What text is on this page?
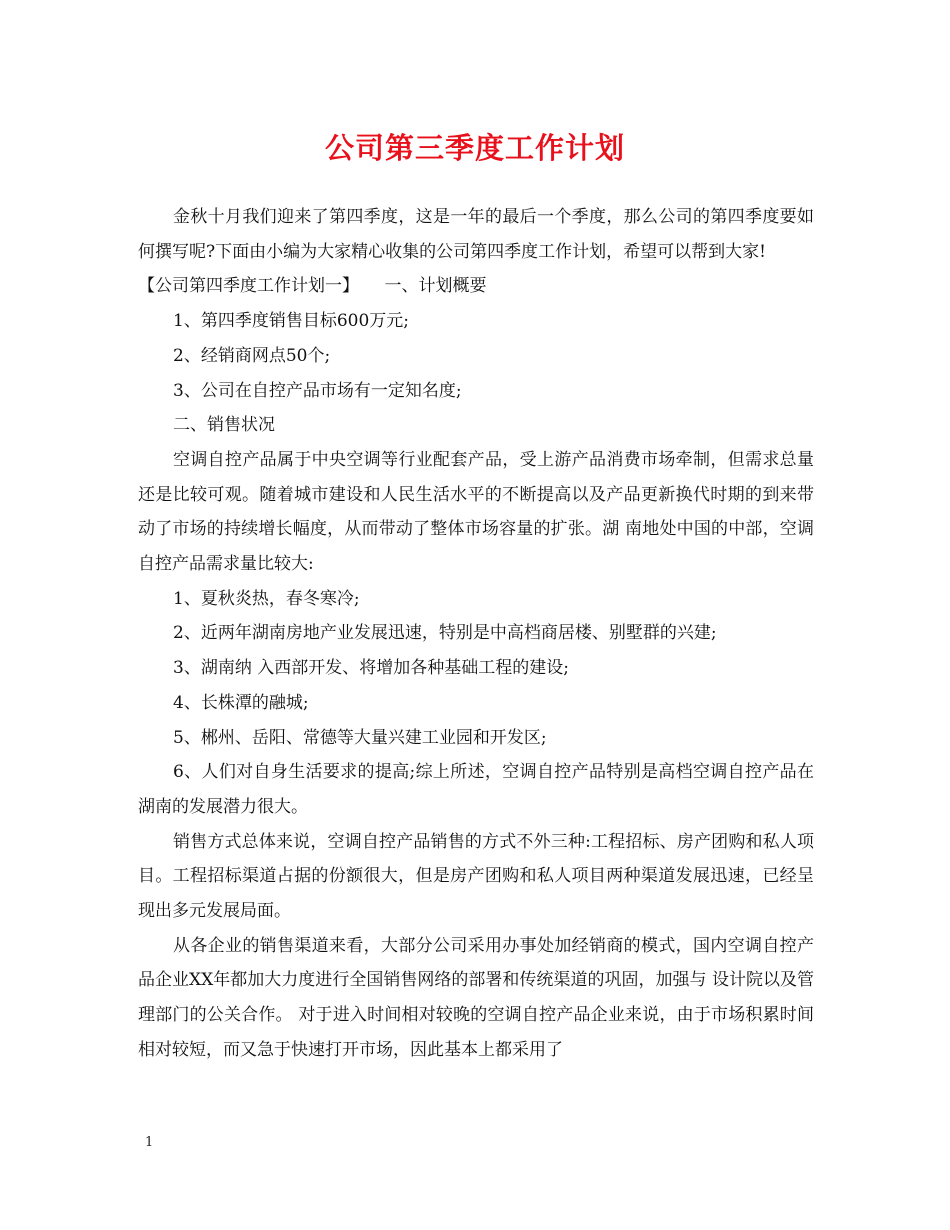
公司第三季度工作计划

金秋十月我们迎来了第四季度，这是一年的最后一个季度，那么公司的第四季度要如何撰写呢?下面由小编为大家精心收集的公司第四季度工作计划，希望可以帮到大家!

【公司第四季度工作计划一】　　一、计划概要

1、第四季度销售目标600万元;

2、经销商网点50个;

3、公司在自控产品市场有一定知名度;

二、销售状况

空调自控产品属于中央空调等行业配套产品，受上游产品消费市场牵制，但需求总量还是比较可观。随着城市建设和人民生活水平的不断提高以及产品更新换代时期的到来带动了市场的持续增长幅度，从而带动了整体市场容量的扩张。湖 南地处中国的中部，空调自控产品需求量比较大:

1、夏秋炎热，春冬寒冷;

2、近两年湖南房地产业发展迅速，特别是中高档商居楼、别墅群的兴建;

3、湖南纳 入西部开发、将增加各种基础工程的建设;

4、长株潭的融城;

5、郴州、岳阳、常德等大量兴建工业园和开发区;

6、人们对自身生活要求的提高;综上所述，空调自控产品特别是高档空调自控产品在湖南的发展潜力很大。

销售方式总体来说，空调自控产品销售的方式不外三种:工程招标、房产团购和私人项目。工程招标渠道占据的份额很大，但是房产团购和私人项目两种渠道发展迅速，已经呈现出多元发展局面。

从各企业的销售渠道来看，大部分公司采用办事处加经销商的模式，国内空调自控产品企业XX年都加大力度进行全国销售网络的部署和传统渠道的巩固，加强与 设计院以及管理部门的公关合作。 对于进入时间相对较晚的空调自控产品企业来说，由于市场积累时间相对较短，而又急于快速打开市场，因此基本上都采用了

1
